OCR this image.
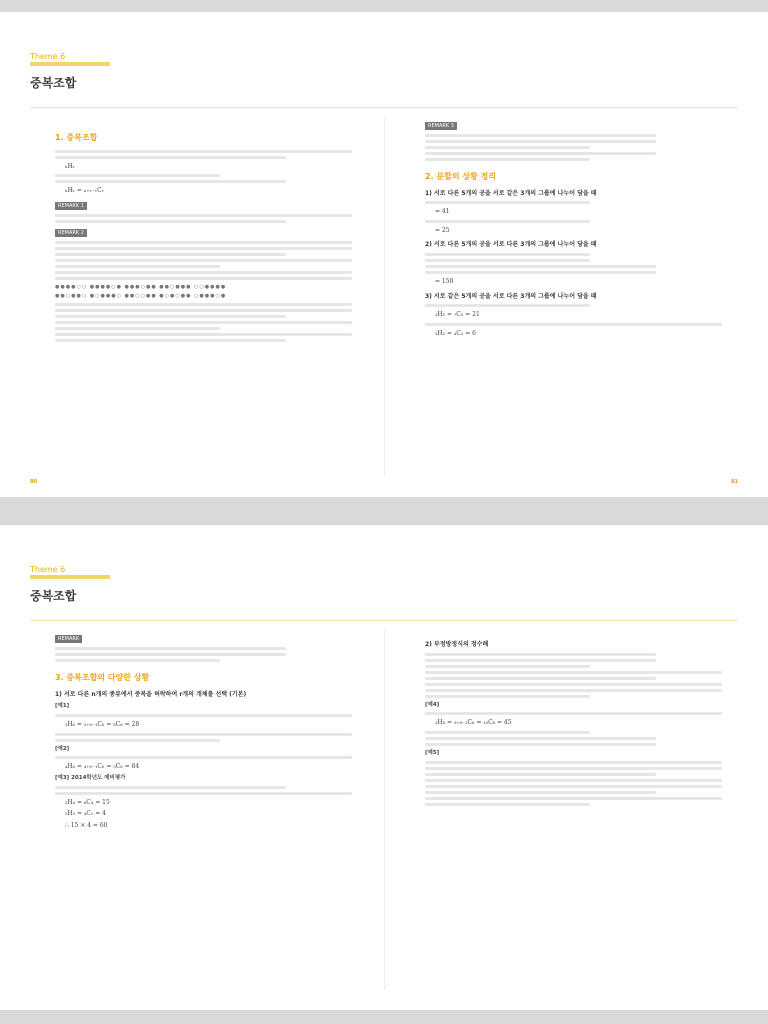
Theme 6
중복조합
1. 중복조합
ₙHᵣ
ₙHᵣ = ₙ₊ᵣ₋₁Cᵣ
REMARK 1
REMARK 2
●●●●○○ ●●●●○● ●●●○●● ●●○●●● ○○●●●●
●●○●●○ ●○●●●○ ●●○○●● ●○●○●● ○●●●○●
REMARK 3
2. 분할의 상황 정리
1) 서로 다른 5개의 공을 서로 같은 3개의 그룹에 나누어 담을 때
= 41
= 25
2) 서로 다른 5개의 공을 서로 다른 3개의 그룹에 나누어 담을 때
= 150
3) 서로 같은 5개의 공을 서로 다른 3개의 그룹에 나누어 담을 때
₃H₅ = ₇C₅ = 21
₃H₂ = ₄C₂ = 6
80	81
Theme 6
중복조합
REMARK
3. 중복조합의 다양한 상황
1) 서로 다른 n개의 종류에서 중복을 허락하여 r개의 개체를 선택 (기본)
[예1]
₃H₆ = ₃₊₆₋₁C₆ = ₈C₆ = 28
[예2]
₄H₆ = ₄₊₆₋₁C₆ = ₉C₆ = 84
[예3] 2014학년도 예비평가
₃H₄ = ₆C₄ = 15
₂H₃ = ₄C₁ = 4
∴ 15 × 4 = 60
2) 부정방정식의 정수해
[예4]
₃H₈ = ₃₊₈₋₁C₈ = ₁₀C₈ = 45
[예5]
